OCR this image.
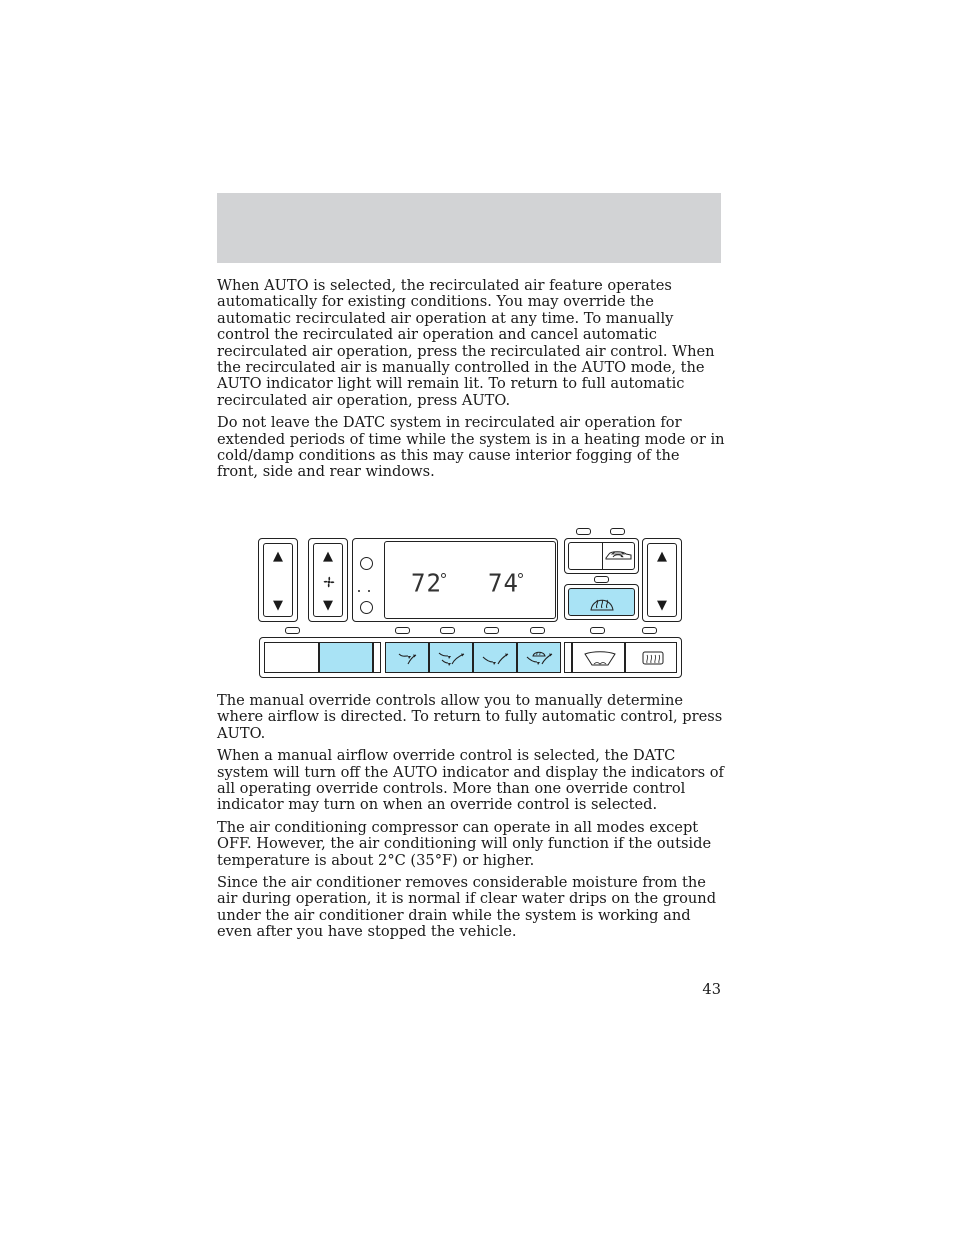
When AUTO is selected, the recirculated air feature operates automatically for existing conditions. You may override the automatic recirculated air operation at any time. To manually control the recirculated air operation and cancel automatic recirculated air operation, press the recirculated air control. When the recirculated air is manually controlled in the AUTO mode, the AUTO indicator light will remain lit. To return to full automatic recirculated air operation, press AUTO.

Do not leave the DATC system in recirculated air operation for extended periods of time while the system is in a heating mode or in cold/damp conditions as this may cause interior fogging of the front, side and rear windows.

▲
▼
▲
▼
72 74
▲
▼

The manual override controls allow you to manually determine where airflow is directed. To return to fully automatic control, press AUTO.

When a manual airflow override control is selected, the DATC system will turn off the AUTO indicator and display the indicators of all operating override controls. More than one override control indicator may turn on when an override control is selected.

The air conditioning compressor can operate in all modes except OFF. However, the air conditioning will only function if the outside temperature is about 2°C (35°F) or higher.

Since the air conditioner removes considerable moisture from the air during operation, it is normal if clear water drips on the ground under the air conditioner drain while the system is working and even after you have stopped the vehicle.

43
